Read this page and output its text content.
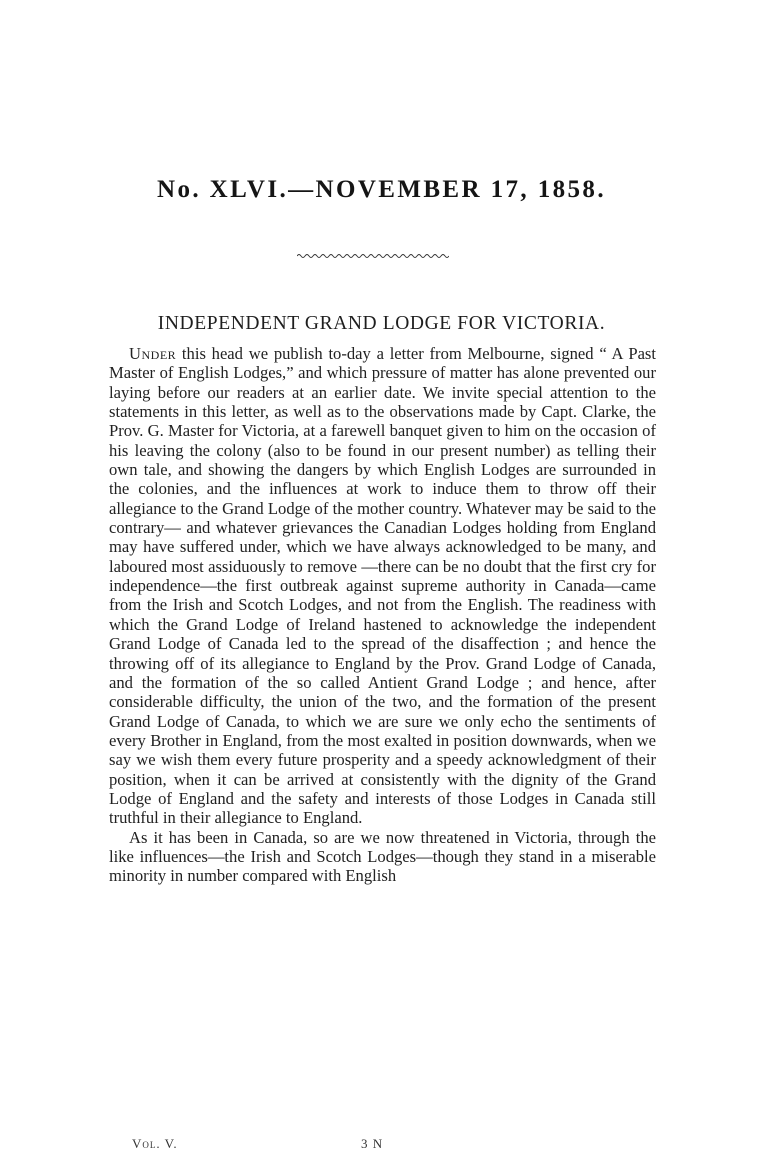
No. XLVI.—NOVEMBER 17, 1858.
INDEPENDENT GRAND LODGE FOR VICTORIA.

Under this head we publish to-day a letter from Melbourne, signed “ A Past Master of English Lodges,” and which pressure of matter has alone prevented our laying before our readers at an earlier date. We invite special attention to the statements in this letter, as well as to the observations made by Capt. Clarke, the Prov. G. Master for Victoria, at a farewell banquet given to him on the occasion of his leaving the colony (also to be found in our present number) as telling their own tale, and showing the dangers by which English Lodges are surrounded in the colonies, and the influences at work to induce them to throw off their allegiance to the Grand Lodge of the mother country. Whatever may be said to the contrary— and whatever grievances the Canadian Lodges holding from England may have suffered under, which we have always acknowledged to be many, and laboured most assiduously to remove —there can be no doubt that the first cry for independence—the first outbreak against supreme authority in Canada—came from the Irish and Scotch Lodges, and not from the English. The readiness with which the Grand Lodge of Ireland hastened to acknowledge the independent Grand Lodge of Canada led to the spread of the disaffection ; and hence the throwing off of its allegiance to England by the Prov. Grand Lodge of Canada, and the formation of the so called Antient Grand Lodge ; and hence, after considerable difficulty, the union of the two, and the formation of the present Grand Lodge of Canada, to which we are sure we only echo the sentiments of every Brother in England, from the most exalted in position downwards, when we say we wish them every future prosperity and a speedy acknowledgment of their position, when it can be arrived at consistently with the dignity of the Grand Lodge of England and the safety and interests of those Lodges in Canada still truthful in their allegiance to England.

As it has been in Canada, so are we now threatened in Victoria, through the like influences—the Irish and Scotch Lodges—though they stand in a miserable minority in number compared with English

Vol. V.	3 N
